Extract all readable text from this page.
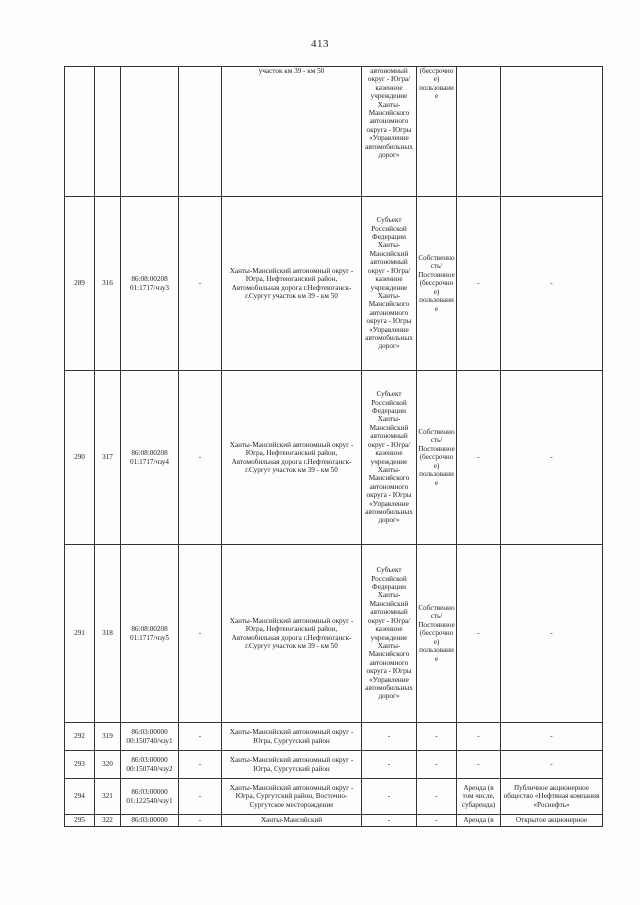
413
				участок км 39 - км 50	автономный округ - Югра/ казенное учреждение Ханты-Мансийского автономного округа - Югры «Управление автомобильных дорог»	(бессрочное) пользование		
289	316	86:08:00208 01:1717/чзу3	-	Ханты-Мансийский автономный округ - Югра, Нефтеюганский район, Автомобильная дорога г.Нефтеюганск-г.Сургут участок км 39 - км 50	Субъект Российской Федерации Ханты-Мансийский автономный округ - Югра/ казенное учреждение Ханты-Мансийского автономного округа - Югры «Управление автомобильных дорог»	Собственность/ Постоянное (бессрочное) пользование	-	-
290	317	86:08:00208 01:1717/чзу4	-	Ханты-Мансийский автономный округ - Югра, Нефтеюганский район, Автомобильная дорога г.Нефтеюганск-г.Сургут участок км 39 - км 50	Субъект Российской Федерации Ханты-Мансийский автономный округ - Югра/ казенное учреждение Ханты-Мансийского автономного округа - Югры «Управление автомобильных дорог»	Собственность/ Постоянное (бессрочное) пользование	-	-
291	318	86:08:00208 01:1717/чзу5	-	Ханты-Мансийский автономный округ - Югра, Нефтеюганский район, Автомобильная дорога г.Нефтеюганск-г.Сургут участок км 39 - км 50	Субъект Российской Федерации Ханты-Мансийский автономный округ - Югра/ казенное учреждение Ханты-Мансийского автономного округа - Югры «Управление автомобильных дорог»	Собственность/ Постоянное (бессрочное) пользование	-	-
292	319	86:03:00000 00:150740/чзу1	-	Ханты-Мансийский автономный округ - Югра, Сургутский район	-	-	-	-
293	320	86:03:00000 00:150740/чзу2	-	Ханты-Мансийский автономный округ - Югра, Сургутский район	-	-	-	-
294	321	86:03:00000 01:122540/чзу1	-	Ханты-Мансийский автономный округ - Югра, Сургутский район, Восточно-Сургутское месторождение	-	-	Аренда (в том числе, субаренда)	Публичное акционерное общество «Нефтяная компания «Роснефть»
295	322	86:03:00000	-	Ханты-Мансийский	-	-	Аренда (в	Открытое акционерное
